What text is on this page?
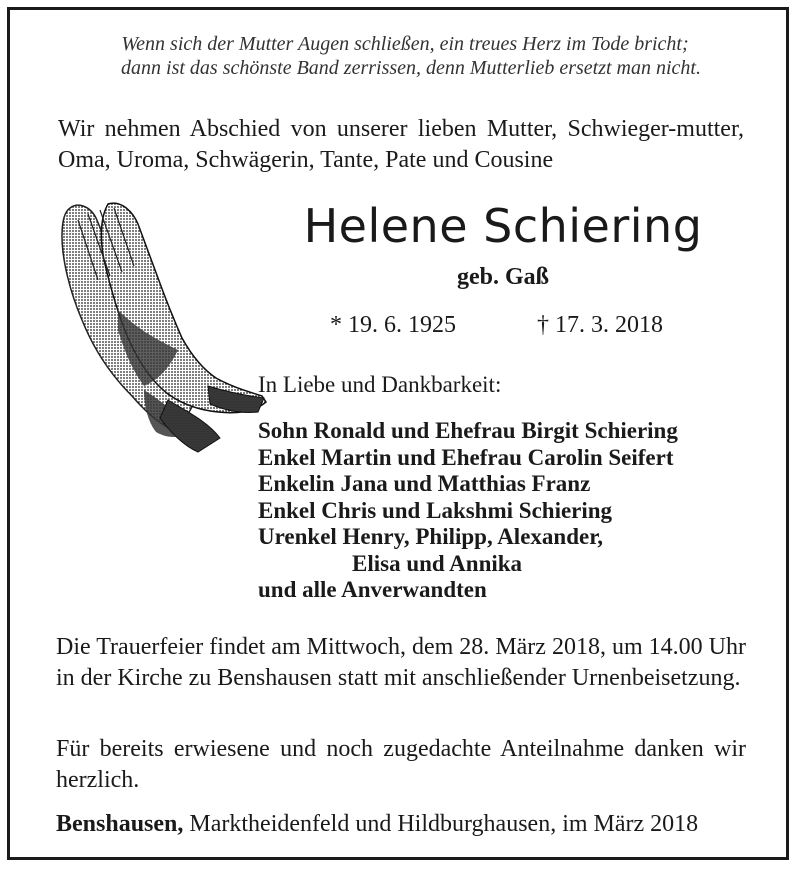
Wenn sich der Mutter Augen schließen, ein treues Herz im Tode bricht;
dann ist das schönste Band zerrissen, denn Mutterlieb ersetzt man nicht.
Wir nehmen Abschied von unserer lieben Mutter, Schwieger-mutter, Oma, Uroma, Schwägerin, Tante, Pate und Cousine
Helene Schiering
geb. Gaß
* 19. 6. 1925	† 17. 3. 2018
In Liebe und Dankbarkeit:
Sohn Ronald und Ehefrau Birgit Schiering
Enkel Martin und Ehefrau Carolin Seifert
Enkelin Jana und Matthias Franz
Enkel Chris und Lakshmi Schiering
Urenkel Henry, Philipp, Alexander,
Elisa und Annika
und alle Anverwandten
Die Trauerfeier findet am Mittwoch, dem 28. März 2018, um 14.00 Uhr in der Kirche zu Benshausen statt mit anschließender Urnenbeisetzung.
Für bereits erwiesene und noch zugedachte Anteilnahme danken wir herzlich.
Benshausen, Marktheidenfeld und Hildburghausen, im März 2018
